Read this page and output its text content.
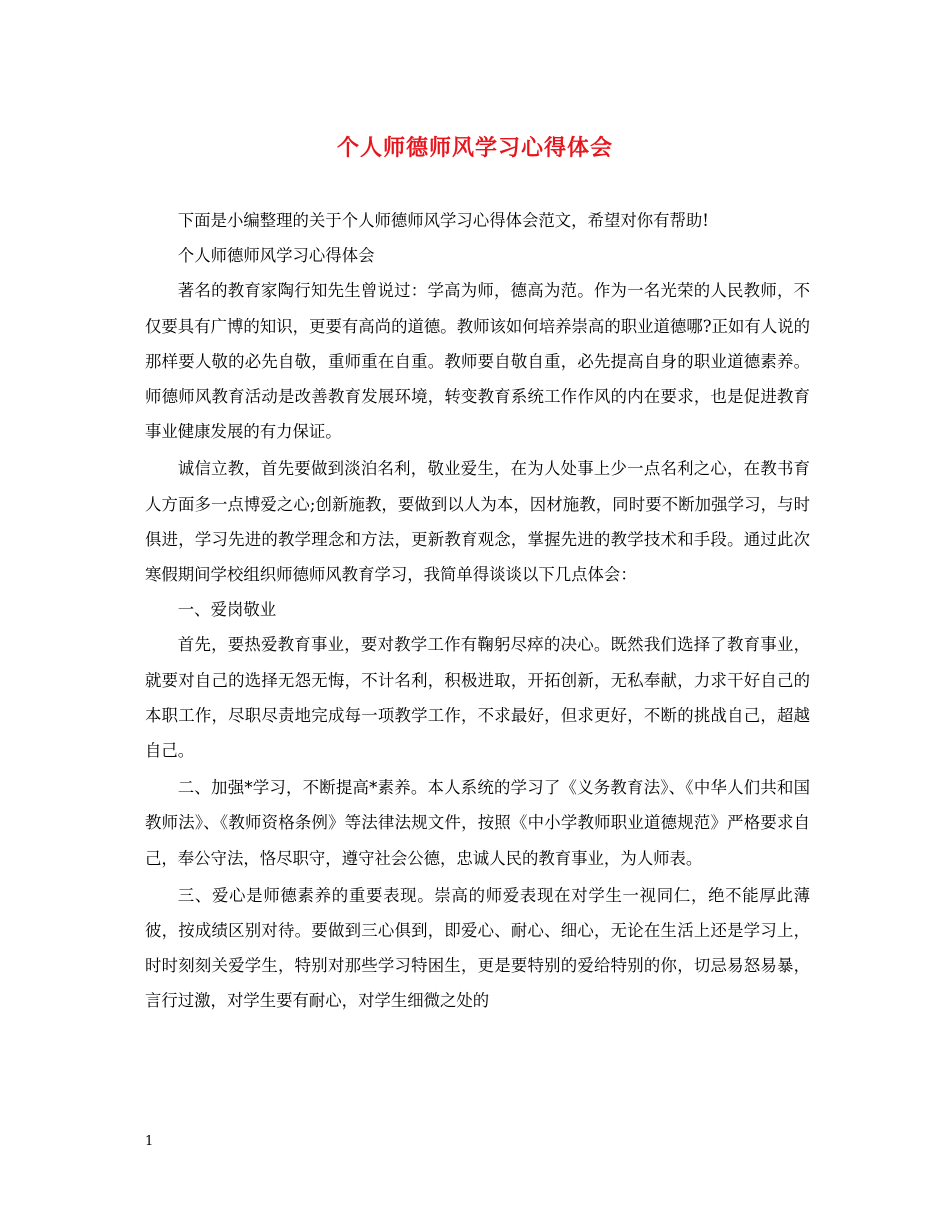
个人师德师风学习心得体会

下面是小编整理的关于个人师德师风学习心得体会范文，希望对你有帮助!

个人师德师风学习心得体会

著名的教育家陶行知先生曾说过：学高为师，德高为范。作为一名光荣的人民教师，不仅要具有广博的知识，更要有高尚的道德。教师该如何培养崇高的职业道德哪?正如有人说的那样要人敬的必先自敬，重师重在自重。教师要自敬自重，必先提高自身的职业道德素养。师德师风教育活动是改善教育发展环境，转变教育系统工作作风的内在要求，也是促进教育事业健康发展的有力保证。

诚信立教，首先要做到淡泊名利，敬业爱生，在为人处事上少一点名利之心，在教书育人方面多一点博爱之心;创新施教，要做到以人为本，因材施教，同时要不断加强学习，与时俱进，学习先进的教学理念和方法，更新教育观念，掌握先进的教学技术和手段。通过此次寒假期间学校组织师德师风教育学习，我简单得谈谈以下几点体会：

一、爱岗敬业

首先，要热爱教育事业，要对教学工作有鞠躬尽瘁的决心。既然我们选择了教育事业，就要对自己的选择无怨无悔，不计名利，积极进取，开拓创新，无私奉献，力求干好自己的本职工作，尽职尽责地完成每一项教学工作，不求最好，但求更好，不断的挑战自己，超越自己。

二、加强*学习，不断提高*素养。本人系统的学习了《义务教育法》、《中华人们共和国教师法》、《教师资格条例》等法律法规文件，按照《中小学教师职业道德规范》严格要求自己，奉公守法，恪尽职守，遵守社会公德，忠诚人民的教育事业，为人师表。

三、爱心是师德素养的重要表现。崇高的师爱表现在对学生一视同仁，绝不能厚此薄彼，按成绩区别对待。要做到三心俱到，即爱心、耐心、细心，无论在生活上还是学习上，时时刻刻关爱学生，特别对那些学习特困生，更是要特别的爱给特别的你，切忌易怒易暴，言行过激，对学生要有耐心，对学生细微之处的

1
